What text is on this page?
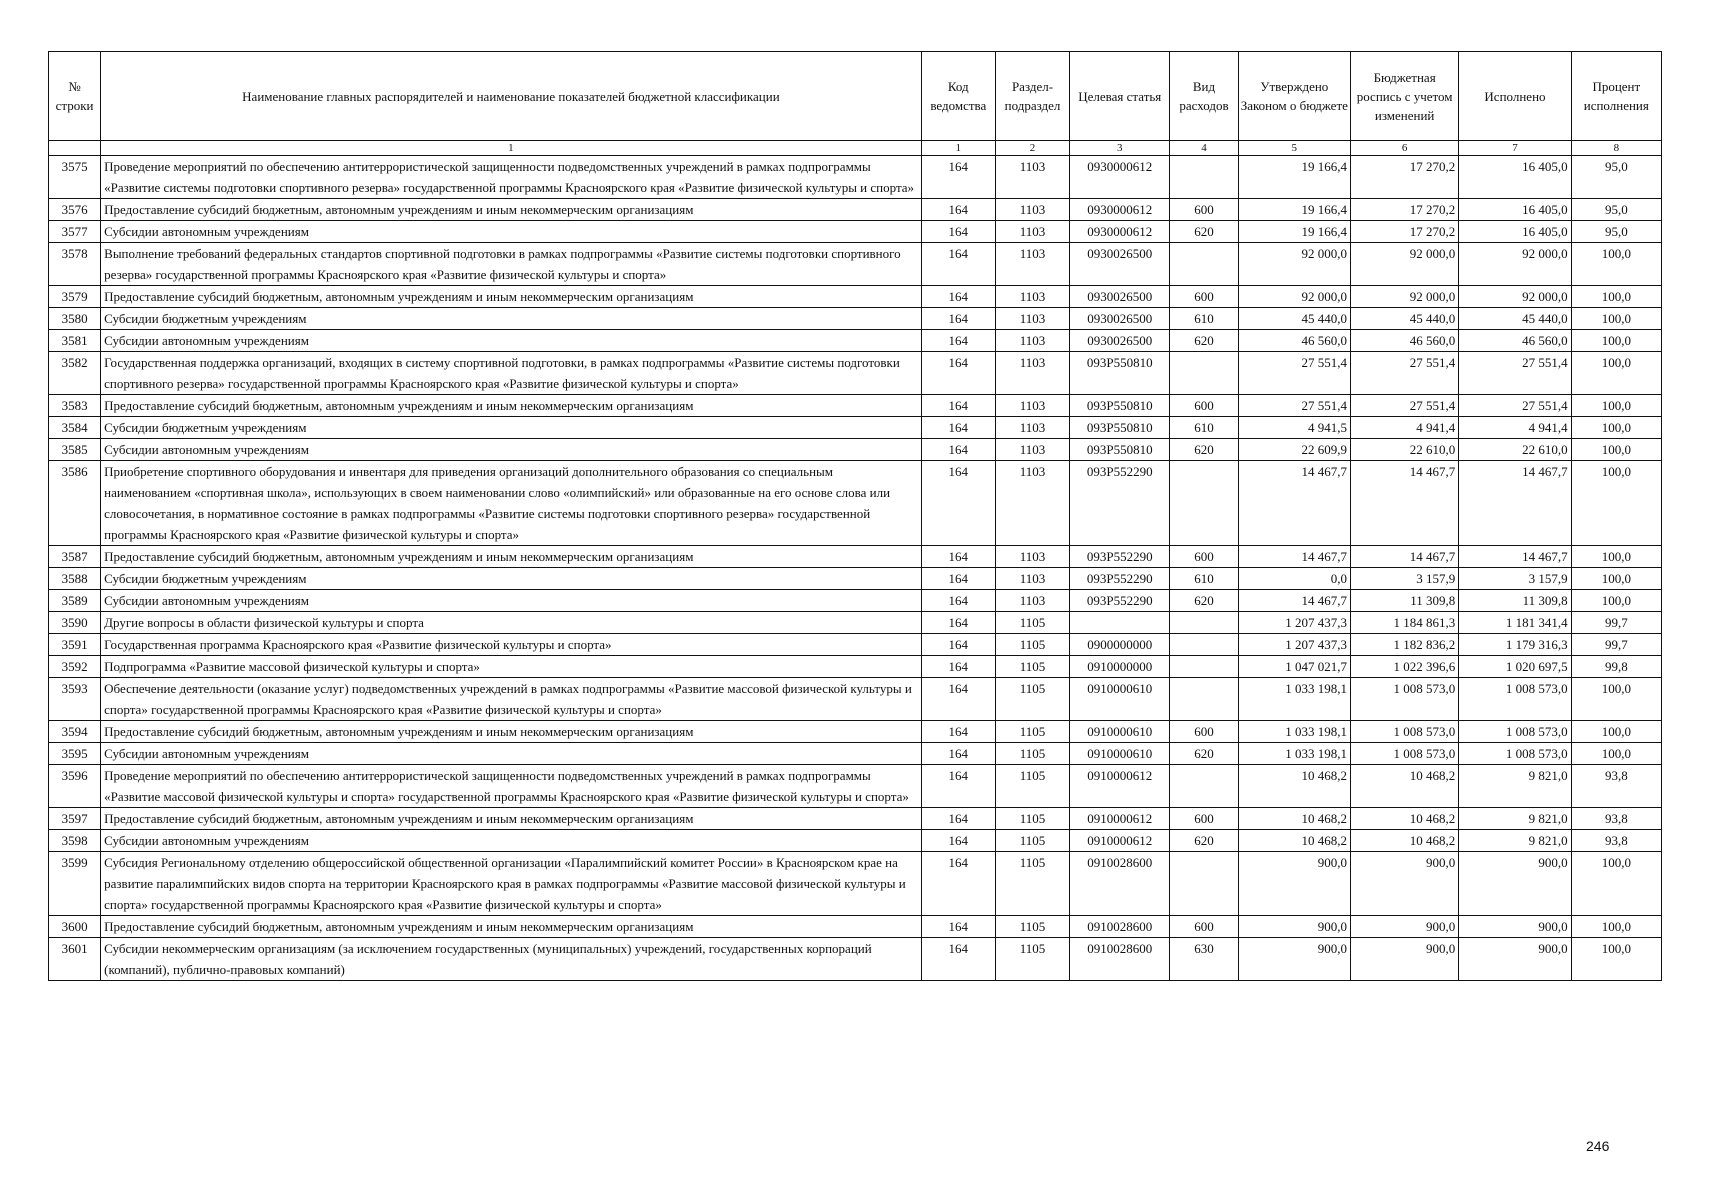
№ строки	Наименование главных распорядителей и наименование показателей бюджетной классификации	Код ведомства	Раздел-подраздел	Целевая статья	Вид расходов	Утверждено Законом о бюджете	Бюджетная роспись с учетом изменений	Исполнено	Процент исполнения
	1	1	2	3	4	5	6	7	8
3575	Проведение мероприятий по обеспечению антитеррористической защищенности подведомственных учреждений в рамках подпрограммы «Развитие системы подготовки спортивного резерва» государственной программы Красноярского края «Развитие физической культуры и спорта»	164	1103	0930000612		19 166,4	17 270,2	16 405,0	95,0
3576	Предоставление субсидий бюджетным, автономным учреждениям и иным некоммерческим организациям	164	1103	0930000612	600	19 166,4	17 270,2	16 405,0	95,0
3577	Субсидии автономным учреждениям	164	1103	0930000612	620	19 166,4	17 270,2	16 405,0	95,0
3578	Выполнение требований федеральных стандартов спортивной подготовки в рамках подпрограммы «Развитие системы подготовки спортивного резерва» государственной программы Красноярского края «Развитие физической культуры и спорта»	164	1103	0930026500		92 000,0	92 000,0	92 000,0	100,0
3579	Предоставление субсидий бюджетным, автономным учреждениям и иным некоммерческим организациям	164	1103	0930026500	600	92 000,0	92 000,0	92 000,0	100,0
3580	Субсидии бюджетным учреждениям	164	1103	0930026500	610	45 440,0	45 440,0	45 440,0	100,0
3581	Субсидии автономным учреждениям	164	1103	0930026500	620	46 560,0	46 560,0	46 560,0	100,0
3582	Государственная поддержка организаций, входящих в систему спортивной подготовки, в рамках подпрограммы «Развитие системы подготовки спортивного резерва» государственной программы Красноярского края «Развитие физической культуры и спорта»	164	1103	093P550810		27 551,4	27 551,4	27 551,4	100,0
3583	Предоставление субсидий бюджетным, автономным учреждениям и иным некоммерческим организациям	164	1103	093P550810	600	27 551,4	27 551,4	27 551,4	100,0
3584	Субсидии бюджетным учреждениям	164	1103	093P550810	610	4 941,5	4 941,4	4 941,4	100,0
3585	Субсидии автономным учреждениям	164	1103	093P550810	620	22 609,9	22 610,0	22 610,0	100,0
3586	Приобретение спортивного оборудования и инвентаря для приведения организаций дополнительного образования со специальным наименованием «спортивная школа», использующих в своем наименовании слово «олимпийский» или образованные на его основе слова или словосочетания, в нормативное состояние в рамках подпрограммы «Развитие системы подготовки спортивного резерва» государственной программы Красноярского края «Развитие физической культуры и спорта»	164	1103	093P552290		14 467,7	14 467,7	14 467,7	100,0
3587	Предоставление субсидий бюджетным, автономным учреждениям и иным некоммерческим организациям	164	1103	093P552290	600	14 467,7	14 467,7	14 467,7	100,0
3588	Субсидии бюджетным учреждениям	164	1103	093P552290	610	0,0	3 157,9	3 157,9	100,0
3589	Субсидии автономным учреждениям	164	1103	093P552290	620	14 467,7	11 309,8	11 309,8	100,0
3590	Другие вопросы в области физической культуры и спорта	164	1105			1 207 437,3	1 184 861,3	1 181 341,4	99,7
3591	Государственная программа Красноярского края «Развитие физической культуры и спорта»	164	1105	0900000000		1 207 437,3	1 182 836,2	1 179 316,3	99,7
3592	Подпрограмма «Развитие массовой физической культуры и спорта»	164	1105	0910000000		1 047 021,7	1 022 396,6	1 020 697,5	99,8
3593	Обеспечение деятельности (оказание услуг) подведомственных учреждений в рамках подпрограммы «Развитие массовой физической культуры и спорта» государственной программы Красноярского края «Развитие физической культуры и спорта»	164	1105	0910000610		1 033 198,1	1 008 573,0	1 008 573,0	100,0
3594	Предоставление субсидий бюджетным, автономным учреждениям и иным некоммерческим организациям	164	1105	0910000610	600	1 033 198,1	1 008 573,0	1 008 573,0	100,0
3595	Субсидии автономным учреждениям	164	1105	0910000610	620	1 033 198,1	1 008 573,0	1 008 573,0	100,0
3596	Проведение мероприятий по обеспечению антитеррористической защищенности подведомственных учреждений в рамках подпрограммы «Развитие массовой физической культуры и спорта» государственной программы Красноярского края «Развитие физической культуры и спорта»	164	1105	0910000612		10 468,2	10 468,2	9 821,0	93,8
3597	Предоставление субсидий бюджетным, автономным учреждениям и иным некоммерческим организациям	164	1105	0910000612	600	10 468,2	10 468,2	9 821,0	93,8
3598	Субсидии автономным учреждениям	164	1105	0910000612	620	10 468,2	10 468,2	9 821,0	93,8
3599	Субсидия Региональному отделению общероссийской общественной организации «Паралимпийский комитет России» в Красноярском крае на развитие паралимпийских видов спорта на территории Красноярского края в рамках подпрограммы «Развитие массовой физической культуры и спорта» государственной программы Красноярского края «Развитие физической культуры и спорта»	164	1105	0910028600		900,0	900,0	900,0	100,0
3600	Предоставление субсидий бюджетным, автономным учреждениям и иным некоммерческим организациям	164	1105	0910028600	600	900,0	900,0	900,0	100,0
3601	Субсидии некоммерческим организациям (за исключением государственных (муниципальных) учреждений, государственных корпораций (компаний), публично-правовых компаний)	164	1105	0910028600	630	900,0	900,0	900,0	100,0
246
